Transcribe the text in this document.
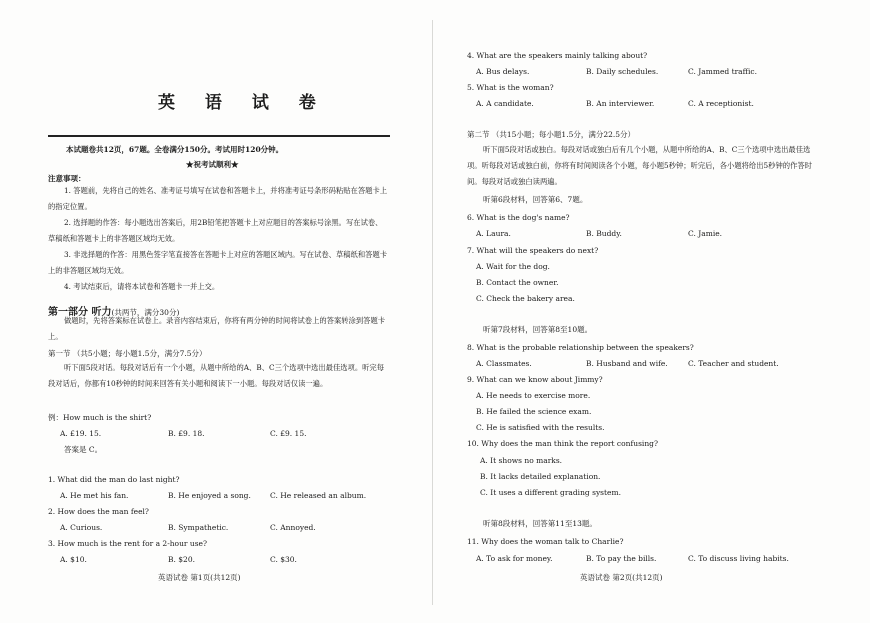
英 语 试 卷
本试题卷共12页，67题。全卷满分150分。考试用时120分钟。
★祝考试顺利★
注意事项：
1. 答题前，先将自己的姓名、准考证号填写在试卷和答题卡上，并将准考证号条形码粘贴在答题卡上的指定位置。
2. 选择题的作答：每小题选出答案后，用2B铅笔把答题卡上对应题目的答案标号涂黑。写在试卷、草稿纸和答题卡上的非答题区域均无效。
3. 非选择题的作答：用黑色签字笔直接答在答题卡上对应的答题区域内。写在试卷、草稿纸和答题卡上的非答题区域均无效。
4. 考试结束后，请将本试卷和答题卡一并上交。
第一部分 听力(共两节，满分30分)
做题时，先将答案标在试卷上。录音内容结束后，你将有两分钟的时间将试卷上的答案转涂到答题卡上。
第一节 （共5小题；每小题1.5分，满分7.5分）
听下面5段对话。每段对话后有一个小题，从题中所给的A、B、C三个选项中选出最佳选项。听完每段对话后，你都有10秒钟的时间来回答有关小题和阅读下一小题。每段对话仅读一遍。
例：How much is the shirt?
A. £19. 15.	B. £9. 18.	C. £9. 15.
答案是 C。
1. What did the man do last night?
A. He met his fan.	B. He enjoyed a song.	C. He released an album.
2. How does the man feel?
A. Curious.	B. Sympathetic.	C. Annoyed.
3. How much is the rent for a 2-hour use?
A. $10.	B. $20.	C. $30.
英语试卷 第1页(共12页)
4. What are the speakers mainly talking about?
A. Bus delays.	B. Daily schedules.	C. Jammed traffic.
5. What is the woman?
A. A candidate.	B. An interviewer.	C. A receptionist.
第二节 （共15小题；每小题1.5分，满分22.5分）
听下面5段对话或独白。每段对话或独白后有几个小题，从题中所给的A、B、C三个选项中选出最佳选项。听每段对话或独白前，你将有时间阅读各个小题，每小题5秒钟；听完后，各小题将给出5秒钟的作答时间。每段对话或独白读两遍。
听第6段材料，回答第6、7题。
6. What is the dog's name?
A. Laura.	B. Buddy.	C. Jamie.
7. What will the speakers do next?
A. Wait for the dog.
B. Contact the owner.
C. Check the bakery area.
听第7段材料，回答第8至10题。
8. What is the probable relationship between the speakers?
A. Classmates.	B. Husband and wife.	C. Teacher and student.
9. What can we know about Jimmy?
A. He needs to exercise more.
B. He failed the science exam.
C. He is satisfied with the results.
10. Why does the man think the report confusing?
A. It shows no marks.
B. It lacks detailed explanation.
C. It uses a different grading system.
听第8段材料，回答第11至13题。
11. Why does the woman talk to Charlie?
A. To ask for money.	B. To pay the bills.	C. To discuss living habits.
英语试卷 第2页(共12页)
